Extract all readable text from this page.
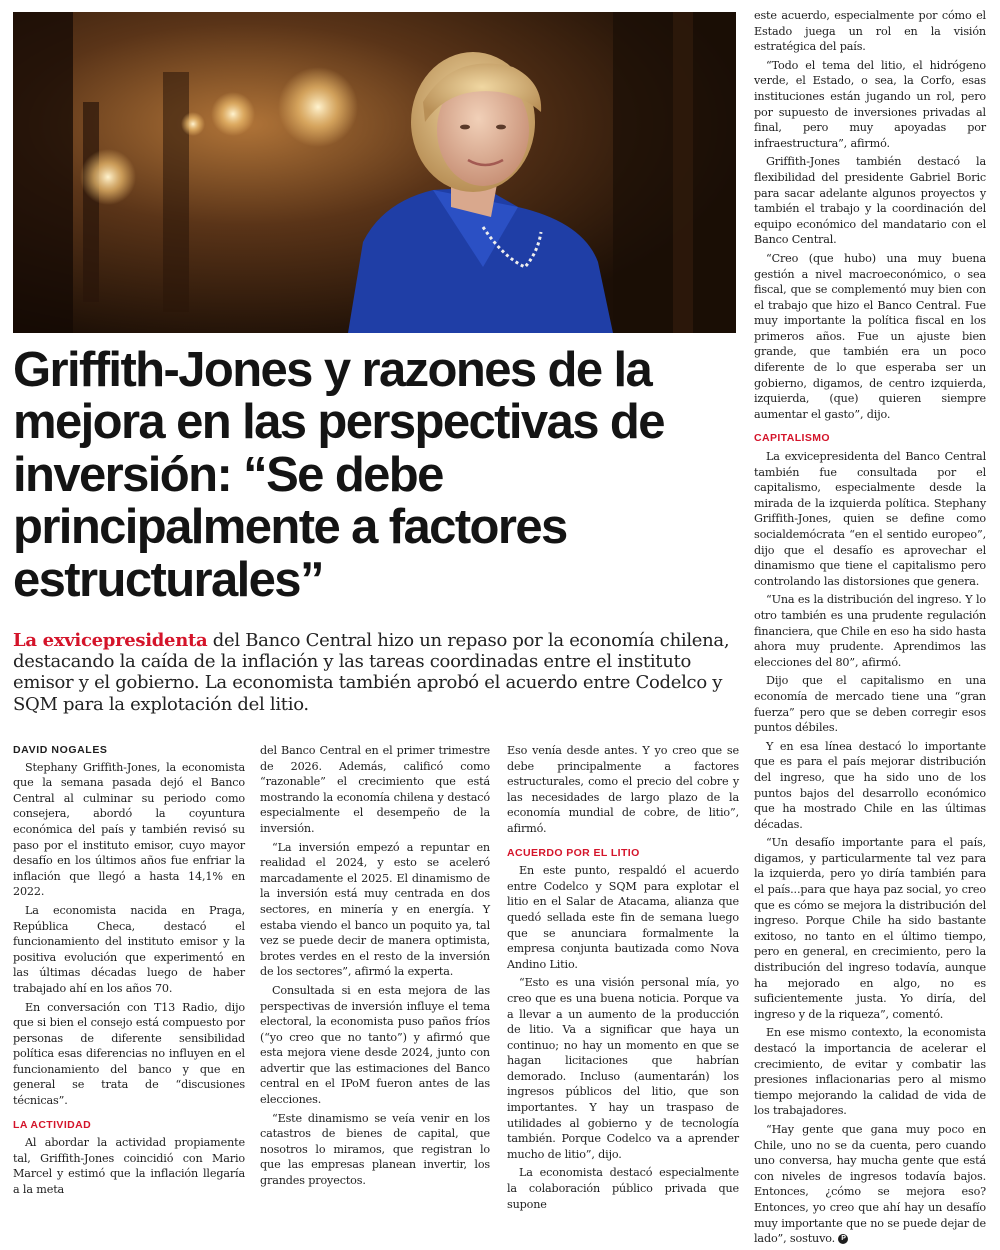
Griffith-Jones y razones de la mejora en las perspectivas de inversión: “Se debe principalmente a factores estructurales”

La exvicepresidenta del Banco Central hizo un repaso por la economía chilena, destacando la caída de la inflación y las tareas coordinadas entre el instituto emisor y el gobierno. La economista también aprobó el acuerdo entre Codelco y SQM para la explotación del litio.

DAVID NOGALES

Stephany Griffith-Jones, la economista que la semana pasada dejó el Banco Central al culminar su periodo como consejera, abordó la coyuntura económica del país y también revisó su paso por el instituto emisor, cuyo mayor desafío en los últimos años fue enfriar la inflación que llegó a hasta 14,1% en 2022.

La economista nacida en Praga, República Checa, destacó el funcionamiento del instituto emisor y la positiva evolución que experimentó en las últimas décadas luego de haber trabajado ahí en los años 70.

En conversación con T13 Radio, dijo que si bien el consejo está compuesto por personas de diferente sensibilidad política esas diferencias no influyen en el funcionamiento del banco y que en general se trata de “discusiones técnicas”.

LA ACTIVIDAD

Al abordar la actividad propiamente tal, Griffith-Jones coincidió con Mario Marcel y estimó que la inflación llegaría a la meta

del Banco Central en el primer trimestre de 2026. Además, calificó como “razonable” el crecimiento que está mostrando la economía chilena y destacó especialmente el desempeño de la inversión.

“La inversión empezó a repuntar en realidad el 2024, y esto se aceleró marcadamente el 2025. El dinamismo de la inversión está muy centrada en dos sectores, en minería y en energía. Y estaba viendo el banco un poquito ya, tal vez se puede decir de manera optimista, brotes verdes en el resto de la inversión de los sectores”, afirmó la experta.

Consultada si en esta mejora de las perspectivas de inversión influye el tema electoral, la economista puso paños fríos (“yo creo que no tanto”) y afirmó que esta mejora viene desde 2024, junto con advertir que las estimaciones del Banco central en el IPoM fueron antes de las elecciones.

“Este dinamismo se veía venir en los catastros de bienes de capital, que nosotros lo miramos, que registran lo que las empresas planean invertir, los grandes proyectos.

Eso venía desde antes. Y yo creo que se debe principalmente a factores estructurales, como el precio del cobre y las necesidades de largo plazo de la economía mundial de cobre, de litio”, afirmó.

ACUERDO POR EL LITIO

En este punto, respaldó el acuerdo entre Codelco y SQM para explotar el litio en el Salar de Atacama, alianza que quedó sellada este fin de semana luego que se anunciara formalmente la empresa conjunta bautizada como Nova Andino Litio.

“Esto es una visión personal mía, yo creo que es una buena noticia. Porque va a llevar a un aumento de la producción de litio. Va a significar que haya un continuo; no hay un momento en que se hagan licitaciones que habrían demorado. Incluso (aumentarán) los ingresos públicos del litio, que son importantes. Y hay un traspaso de utilidades al gobierno y de tecnología también. Porque Codelco va a aprender mucho de litio”, dijo.

La economista destacó especialmente la colaboración público privada que supone

este acuerdo, especialmente por cómo el Estado juega un rol en la visión estratégica del país.

“Todo el tema del litio, el hidrógeno verde, el Estado, o sea, la Corfo, esas instituciones están jugando un rol, pero por supuesto de inversiones privadas al final, pero muy apoyadas por infraestructura”, afirmó.

Griffith-Jones también destacó la flexibilidad del presidente Gabriel Boric para sacar adelante algunos proyectos y también el trabajo y la coordinación del equipo económico del mandatario con el Banco Central.

“Creo (que hubo) una muy buena gestión a nivel macroeconómico, o sea fiscal, que se complementó muy bien con el trabajo que hizo el Banco Central. Fue muy importante la política fiscal en los primeros años. Fue un ajuste bien grande, que también era un poco diferente de lo que esperaba ser un gobierno, digamos, de centro izquierda, izquierda, (que) quieren siempre aumentar el gasto”, dijo.

CAPITALISMO

La exvicepresidenta del Banco Central también fue consultada por el capitalismo, especialmente desde la mirada de la izquierda política. Stephany Griffith-Jones, quien se define como socialdemócrata “en el sentido europeo”, dijo que el desafío es aprovechar el dinamismo que tiene el capitalismo pero controlando las distorsiones que genera.

“Una es la distribución del ingreso. Y lo otro también es una prudente regulación financiera, que Chile en eso ha sido hasta ahora muy prudente. Aprendimos las elecciones del 80”, afirmó.

Dijo que el capitalismo en una economía de mercado tiene una “gran fuerza” pero que se deben corregir esos puntos débiles.

Y en esa línea destacó lo importante que es para el país mejorar distribución del ingreso, que ha sido uno de los puntos bajos del desarrollo económico que ha mostrado Chile en las últimas décadas.

“Un desafío importante para el país, digamos, y particularmente tal vez para la izquierda, pero yo diría también para el país...para que haya paz social, yo creo que es cómo se mejora la distribución del ingreso. Porque Chile ha sido bastante exitoso, no tanto en el último tiempo, pero en general, en crecimiento, pero la distribución del ingreso todavía, aunque ha mejorado en algo, no es suficientemente justa. Yo diría, del ingreso y de la riqueza”, comentó.

En ese mismo contexto, la economista destacó la importancia de acelerar el crecimiento, de evitar y combatir las presiones inflacionarias pero al mismo tiempo mejorando la calidad de vida de los trabajadores.

“Hay gente que gana muy poco en Chile, uno no se da cuenta, pero cuando uno conversa, hay mucha gente que está con niveles de ingresos todavía bajos. Entonces, ¿cómo se mejora eso? Entonces, yo creo que ahí hay un desafío muy importante que no se puede dejar de lado”, sostuvo. P
